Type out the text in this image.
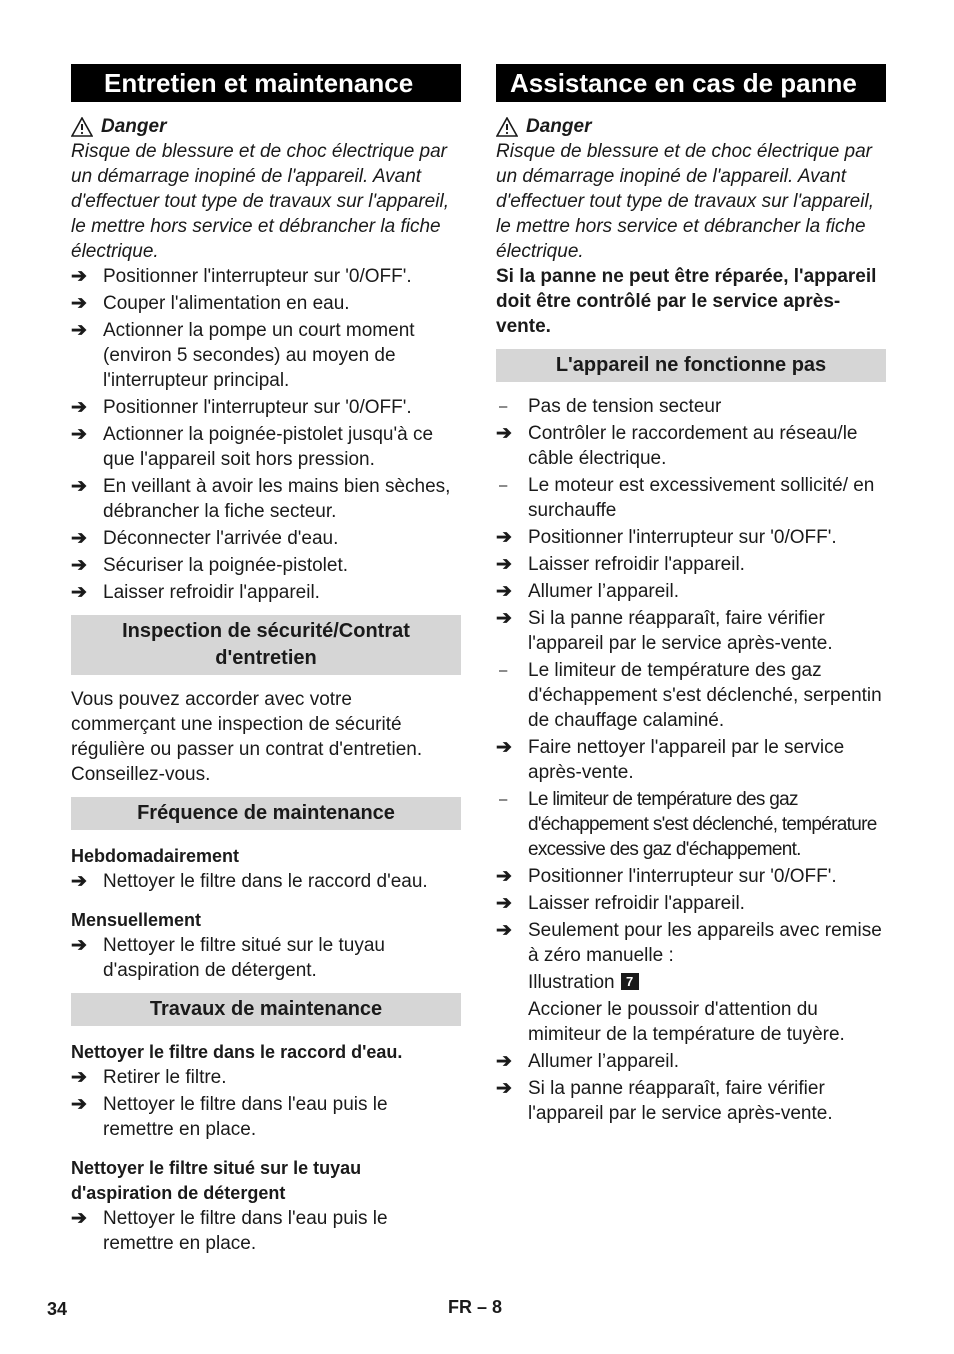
Entretien et maintenance
Danger
Risque de blessure et de choc électrique par un démarrage inopiné de l'appareil. Avant d'effectuer tout type de travaux sur l'appareil, le mettre hors service et débrancher la fiche électrique.
➔ Positionner l'interrupteur sur '0/OFF'.
➔ Couper l'alimentation en eau.
➔ Actionner la pompe un court moment (environ 5 secondes) au moyen de l'interrupteur principal.
➔ Positionner l'interrupteur sur '0/OFF'.
➔ Actionner la poignée-pistolet jusqu'à ce que l'appareil soit hors pression.
➔ En veillant à avoir les mains bien sèches, débrancher la fiche secteur.
➔ Déconnecter l'arrivée d'eau.
➔ Sécuriser la poignée-pistolet.
➔ Laisser refroidir l'appareil.
Inspection de sécurité/Contrat d'entretien
Vous pouvez accorder avec votre commerçant une inspection de sécurité régulière ou passer un contrat d'entretien. Conseillez-vous.
Fréquence de maintenance
Hebdomadairement
➔ Nettoyer le filtre dans le raccord d'eau.
Mensuellement
➔ Nettoyer le filtre situé sur le tuyau d'aspiration de détergent.
Travaux de maintenance
Nettoyer le filtre dans le raccord d'eau.
➔ Retirer le filtre.
➔ Nettoyer le filtre dans l'eau puis le remettre en place.
Nettoyer le filtre situé sur le tuyau d'aspiration de détergent
➔ Nettoyer le filtre dans l'eau puis le remettre en place.
Assistance en cas de panne
Danger
Risque de blessure et de choc électrique par un démarrage inopiné de l'appareil. Avant d'effectuer tout type de travaux sur l'appareil, le mettre hors service et débrancher la fiche électrique.
Si la panne ne peut être réparée, l'appareil doit être contrôlé par le service après-vente.
L'appareil ne fonctionne pas
–	Pas de tension secteur
➔ Contrôler le raccordement au réseau/le câble électrique.
–	Le moteur est excessivement sollicité/ en surchauffe
➔ Positionner l'interrupteur sur '0/OFF'.
➔ Laisser refroidir l'appareil.
➔ Allumer l’appareil.
➔ Si la panne réapparaît, faire vérifier l'appareil par le service après-vente.
–	Le limiteur de température des gaz d'échappement s'est déclenché, serpentin de chauffage calaminé.
➔ Faire nettoyer l'appareil par le service après-vente.
–	Le limiteur de température des gaz d'échappement s'est déclenché, température excessive des gaz d'échappement.
➔ Positionner l'interrupteur sur '0/OFF'.
➔ Laisser refroidir l'appareil.
➔ Seulement pour les appareils avec remise à zéro manuelle :
Illustration 7
Accioner le poussoir d'attention du mimiteur de la température de tuyère.
➔ Allumer l’appareil.
➔ Si la panne réapparaît, faire vérifier l'appareil par le service après-vente.
34	FR – 8
